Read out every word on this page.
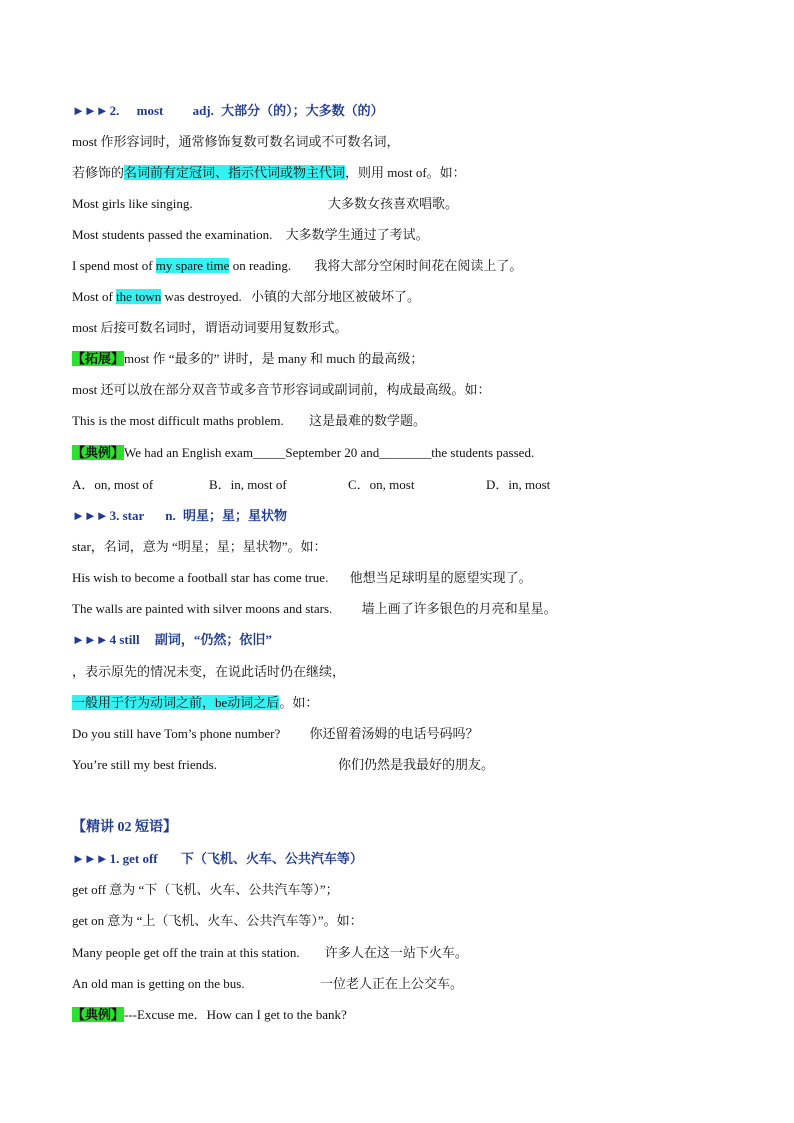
►►► 2. most adj. 大部分（的）；大多数（的）
most 作形容词时，通常修饰复数可数名词或不可数名词，
若修饰的名词前有定冠词、指示代词或物主代词，则用 most of。如：
Most girls like singing.	大多数女孩喜欢唱歌。
Most students passed the examination. 大多数学生通过了考试。
I spend most of my spare time on reading. 我将大部分空闲时间花在阅读上了。
Most of the town was destroyed. 小镇的大部分地区被破坏了。
most 后接可数名词时，谓语动词要用复数形式。
【拓展】most 作 “最多的” 讲时，是 many 和 much 的最高级；
most 还可以放在部分双音节或多音节形容词或副词前，构成最高级。如：
This is the most difficult maths problem. 这是最难的数学题。
【典例】We had an English exam_____September 20 and________the students passed.
A．on, most of	B．in, most of	C．on, most	D．in, most
►►► 3. star n. 明星；星；星状物
star，名词，意为 “明星；星；星状物”。如：
His wish to become a football star has come true. 他想当足球明星的愿望实现了。
The walls are painted with silver moons and stars. 墙上画了许多银色的月亮和星星。
►►► 4 still 副词，“仍然；依旧”
，表示原先的情况未变，在说此话时仍在继续，
一般用于行为动词之前，be动词之后。如：
Do you still have Tom’s phone number? 你还留着汤姆的电话号码吗？
You’re still my best friends.	你们仍然是我最好的朋友。
【精讲 02 短语】
►►► 1. get off 下（飞机、火车、公共汽车等）
get off 意为 “下（飞机、火车、公共汽车等）”；
get on 意为 “上（飞机、火车、公共汽车等）”。如：
Many people get off the train at this station. 许多人在这一站下火车。
An old man is getting on the bus.	一位老人正在上公交车。
【典例】---Excuse me．How can I get to the bank?
